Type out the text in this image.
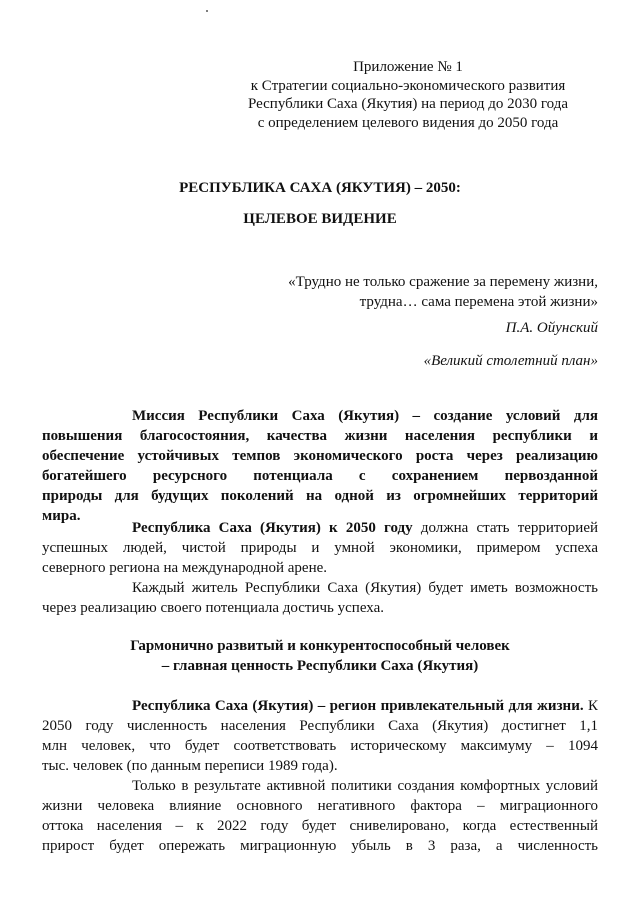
Приложение № 1
к Стратегии социально-экономического развития
Республики Саха (Якутия) на период до 2030 года
с определением целевого видения до 2050 года
РЕСПУБЛИКА САХА (ЯКУТИЯ) – 2050:
ЦЕЛЕВОЕ ВИДЕНИЕ
«Трудно не только сражение за перемену жизни,
трудна… сама перемена этой жизни»
П.А. Ойунский
«Великий столетний план»
Миссия Республики Саха (Якутия) – создание условий для
повышения благосостояния, качества жизни населения республики и
обеспечение устойчивых темпов экономического роста через реализацию
богатейшего ресурсного потенциала с сохранением первозданной
природы для будущих поколений на одной из огромнейших территорий
мира.
Республика Саха (Якутия) к 2050 году должна стать территорией
успешных людей, чистой природы и умной экономики, примером успеха
северного региона на международной арене.
Каждый житель Республики Саха (Якутия) будет иметь возможность
через реализацию своего потенциала достичь успеха.
Гармонично развитый и конкурентоспособный человек
– главная ценность Республики Саха (Якутия)
Республика Саха (Якутия) – регион привлекательный для жизни. К
2050 году численность населения Республики Саха (Якутия) достигнет 1,1
млн человек, что будет соответствовать историческому максимуму – 1094
тыс. человек (по данным переписи 1989 года).
Только в результате активной политики создания комфортных условий
жизни человека влияние основного негативного фактора – миграционного
оттока населения – к 2022 году будет снивелировано, когда естественный
прирост будет опережать миграционную убыль в 3 раза, а численность
